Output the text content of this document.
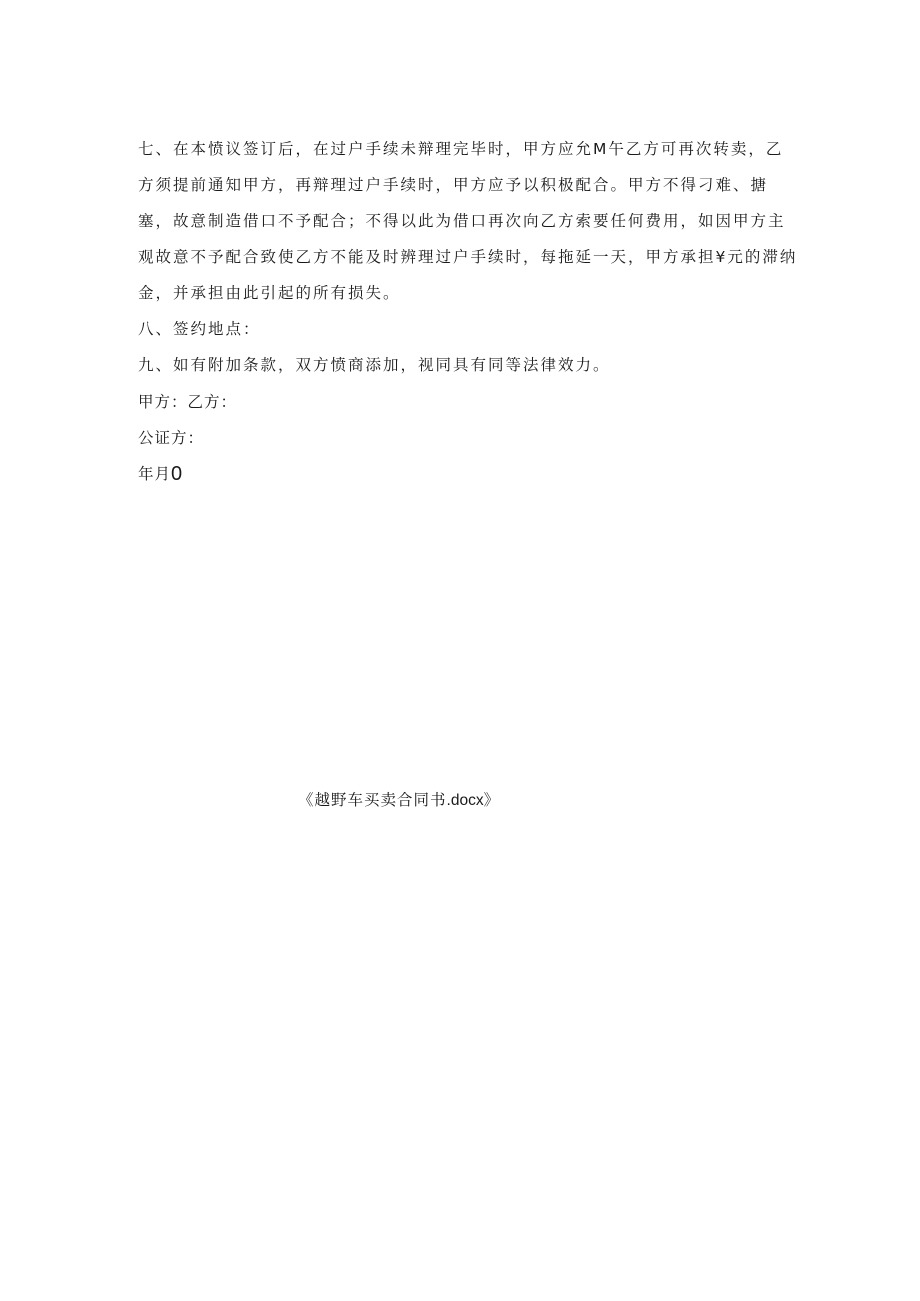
七、在本愤议签订后，在过户手续未辩理完毕时，甲方应允M午乙方可再次转卖，乙
方须提前通知甲方，再辩理过户手续时，甲方应予以积极配合。甲方不得刁难、搪
塞，故意制造借口不予配合；不得以此为借口再次向乙方索要任何费用，如因甲方主
观故意不予配合致使乙方不能及时辨理过户手续时，每拖延一天，甲方承担¥元的滞纳
金，并承担由此引起的所有损失。
八、签约地点：
九、如有附加条款，双方愤商添加，视同具有同等法律效力。
甲方：乙方：
公证方：
年月0
《越野车买卖合同书.docx》
